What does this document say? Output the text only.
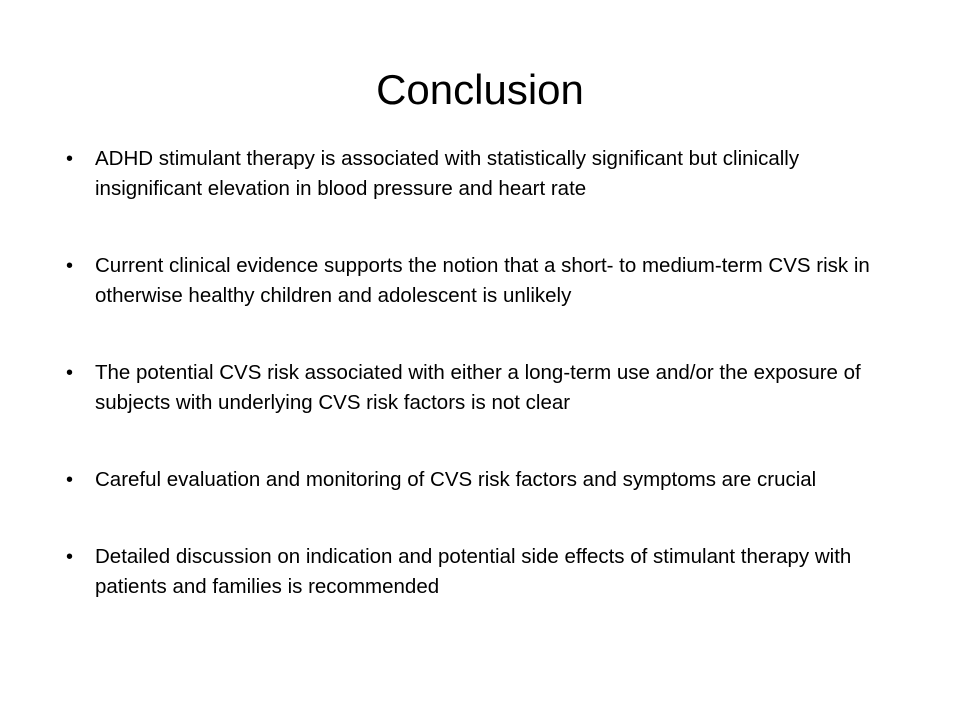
Conclusion
• ADHD stimulant therapy is associated with statistically significant but clinically insignificant elevation in blood pressure and heart rate
• Current clinical evidence supports the notion that a short- to medium-term CVS risk in otherwise healthy children and adolescent is unlikely
• The potential CVS risk associated with either a long-term use and/or the exposure of subjects with underlying CVS risk factors is not clear
• Careful evaluation and monitoring of CVS risk factors and symptoms are crucial
• Detailed discussion on indication and potential side effects of stimulant therapy with patients and families is recommended
